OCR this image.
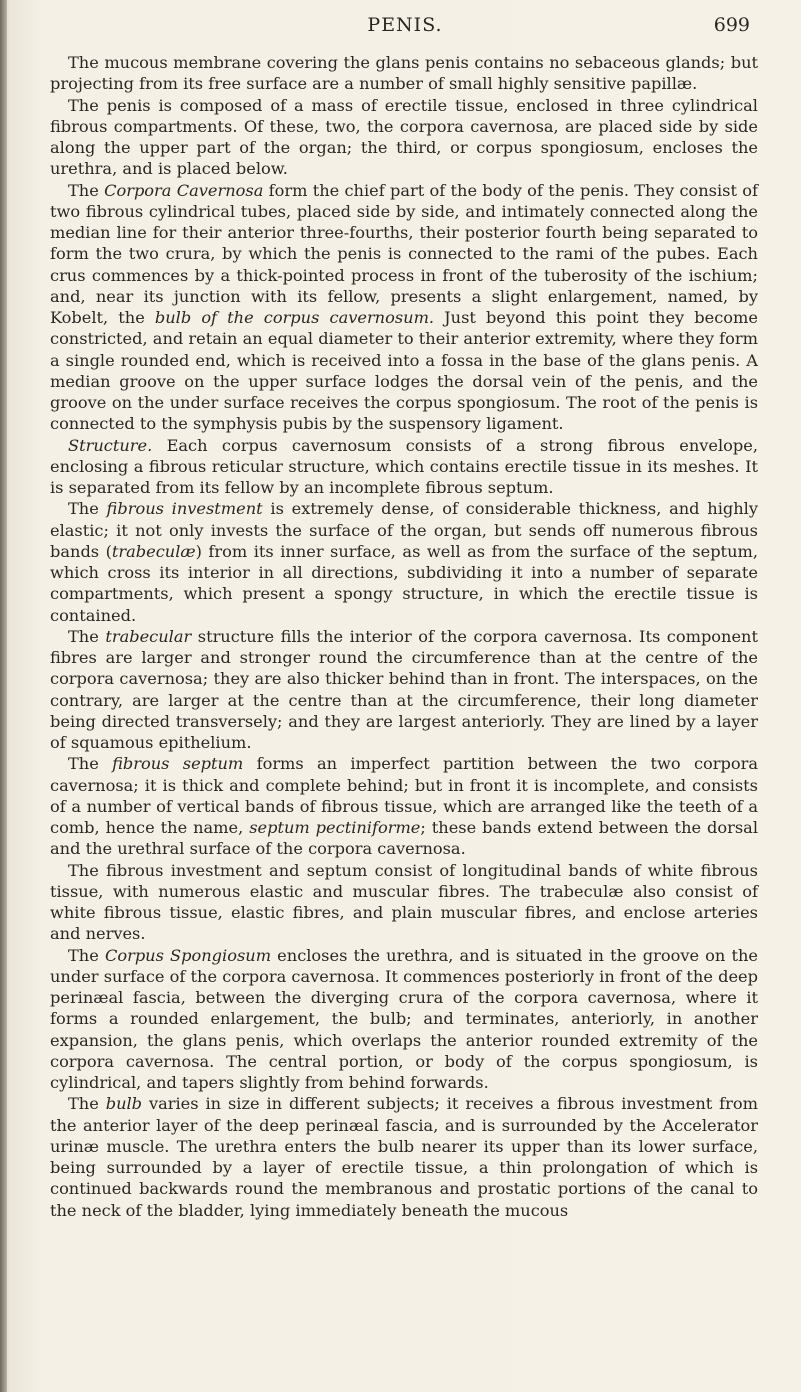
PENIS.	699

The mucous membrane covering the glans penis contains no sebaceous glands; but projecting from its free surface are a number of small highly sensitive papillæ.

The penis is composed of a mass of erectile tissue, enclosed in three cylindrical fibrous compartments. Of these, two, the corpora cavernosa, are placed side by side along the upper part of the organ; the third, or corpus spongiosum, encloses the urethra, and is placed below.

The Corpora Cavernosa form the chief part of the body of the penis. They consist of two fibrous cylindrical tubes, placed side by side, and intimately connected along the median line for their anterior three-fourths, their posterior fourth being separated to form the two crura, by which the penis is connected to the rami of the pubes. Each crus commences by a thick-pointed process in front of the tuberosity of the ischium; and, near its junction with its fellow, presents a slight enlargement, named, by Kobelt, the bulb of the corpus cavernosum. Just beyond this point they become constricted, and retain an equal diameter to their anterior extremity, where they form a single rounded end, which is received into a fossa in the base of the glans penis. A median groove on the upper surface lodges the dorsal vein of the penis, and the groove on the under surface receives the corpus spongiosum. The root of the penis is connected to the symphysis pubis by the suspensory ligament.

Structure. Each corpus cavernosum consists of a strong fibrous envelope, enclosing a fibrous reticular structure, which contains erectile tissue in its meshes. It is separated from its fellow by an incomplete fibrous septum.

The fibrous investment is extremely dense, of considerable thickness, and highly elastic; it not only invests the surface of the organ, but sends off numerous fibrous bands (trabeculæ) from its inner surface, as well as from the surface of the septum, which cross its interior in all directions, subdividing it into a number of separate compartments, which present a spongy structure, in which the erectile tissue is contained.

The trabecular structure fills the interior of the corpora cavernosa. Its component fibres are larger and stronger round the circumference than at the centre of the corpora cavernosa; they are also thicker behind than in front. The interspaces, on the contrary, are larger at the centre than at the circumference, their long diameter being directed transversely; and they are largest anteriorly. They are lined by a layer of squamous epithelium.

The fibrous septum forms an imperfect partition between the two corpora cavernosa; it is thick and complete behind; but in front it is incomplete, and consists of a number of vertical bands of fibrous tissue, which are arranged like the teeth of a comb, hence the name, septum pectiniforme; these bands extend between the dorsal and the urethral surface of the corpora cavernosa.

The fibrous investment and septum consist of longitudinal bands of white fibrous tissue, with numerous elastic and muscular fibres. The trabeculæ also consist of white fibrous tissue, elastic fibres, and plain muscular fibres, and enclose arteries and nerves.

The Corpus Spongiosum encloses the urethra, and is situated in the groove on the under surface of the corpora cavernosa. It commences posteriorly in front of the deep perinæal fascia, between the diverging crura of the corpora cavernosa, where it forms a rounded enlargement, the bulb; and terminates, anteriorly, in another expansion, the glans penis, which overlaps the anterior rounded extremity of the corpora cavernosa. The central portion, or body of the corpus spongiosum, is cylindrical, and tapers slightly from behind forwards.

The bulb varies in size in different subjects; it receives a fibrous investment from the anterior layer of the deep perinæal fascia, and is surrounded by the Accelerator urinæ muscle. The urethra enters the bulb nearer its upper than its lower surface, being surrounded by a layer of erectile tissue, a thin prolongation of which is continued backwards round the membranous and prostatic portions of the canal to the neck of the bladder, lying immediately beneath the mucous
